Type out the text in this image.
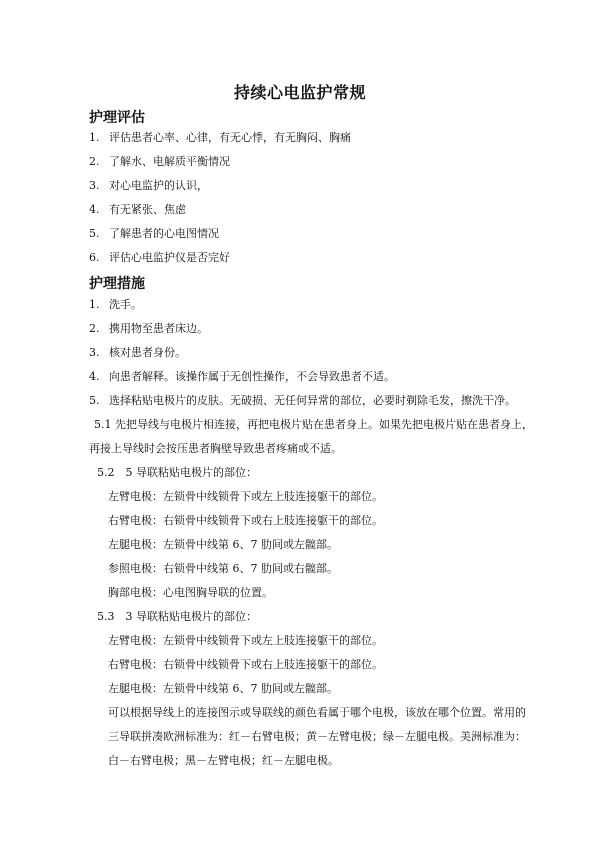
持续心电监护常规
护理评估
1. 评估患者心率、心律，有无心悸，有无胸闷、胸痛
2. 了解水、电解质平衡情况
3. 对心电监护的认识，
4. 有无紧张、焦虑
5. 了解患者的心电图情况
6. 评估心电监护仪是否完好
护理措施
1. 洗手。
2. 携用物至患者床边。
3. 核对患者身份。
4. 向患者解释。该操作属于无创性操作，不会导致患者不适。
5. 选择粘贴电极片的皮肤。无破损、无任何异常的部位，必要时剃除毛发，擦洗干净。
5.1 先把导线与电极片相连接，再把电极片贴在患者身上。如果先把电极片贴在患者身上，
再接上导线时会按压患者胸壁导致患者疼痛或不适。
5.2　5 导联粘贴电极片的部位：
左臂电极：左锁骨中线锁骨下或左上肢连接躯干的部位。
右臂电极：右锁骨中线锁骨下或右上肢连接躯干的部位。
左腿电极：左锁骨中线第 6、7 肋间或左髋部。
参照电极：右锁骨中线第 6、7 肋间或右髋部。
胸部电极：心电图胸导联的位置。
5.3　3 导联粘贴电极片的部位：
左臂电极：左锁骨中线锁骨下或左上肢连接躯干的部位。
右臂电极：右锁骨中线锁骨下或右上肢连接躯干的部位。
左腿电极：左锁骨中线第 6、7 肋间或左髋部。
可以根据导线上的连接图示或导联线的颜色看属于哪个电极，该放在哪个位置。常用的
三导联拼凑欧洲标准为：红－右臂电极；黄－左臂电极；绿－左腿电极。美洲标准为：
白－右臂电极；黑－左臂电极；红－左腿电极。
